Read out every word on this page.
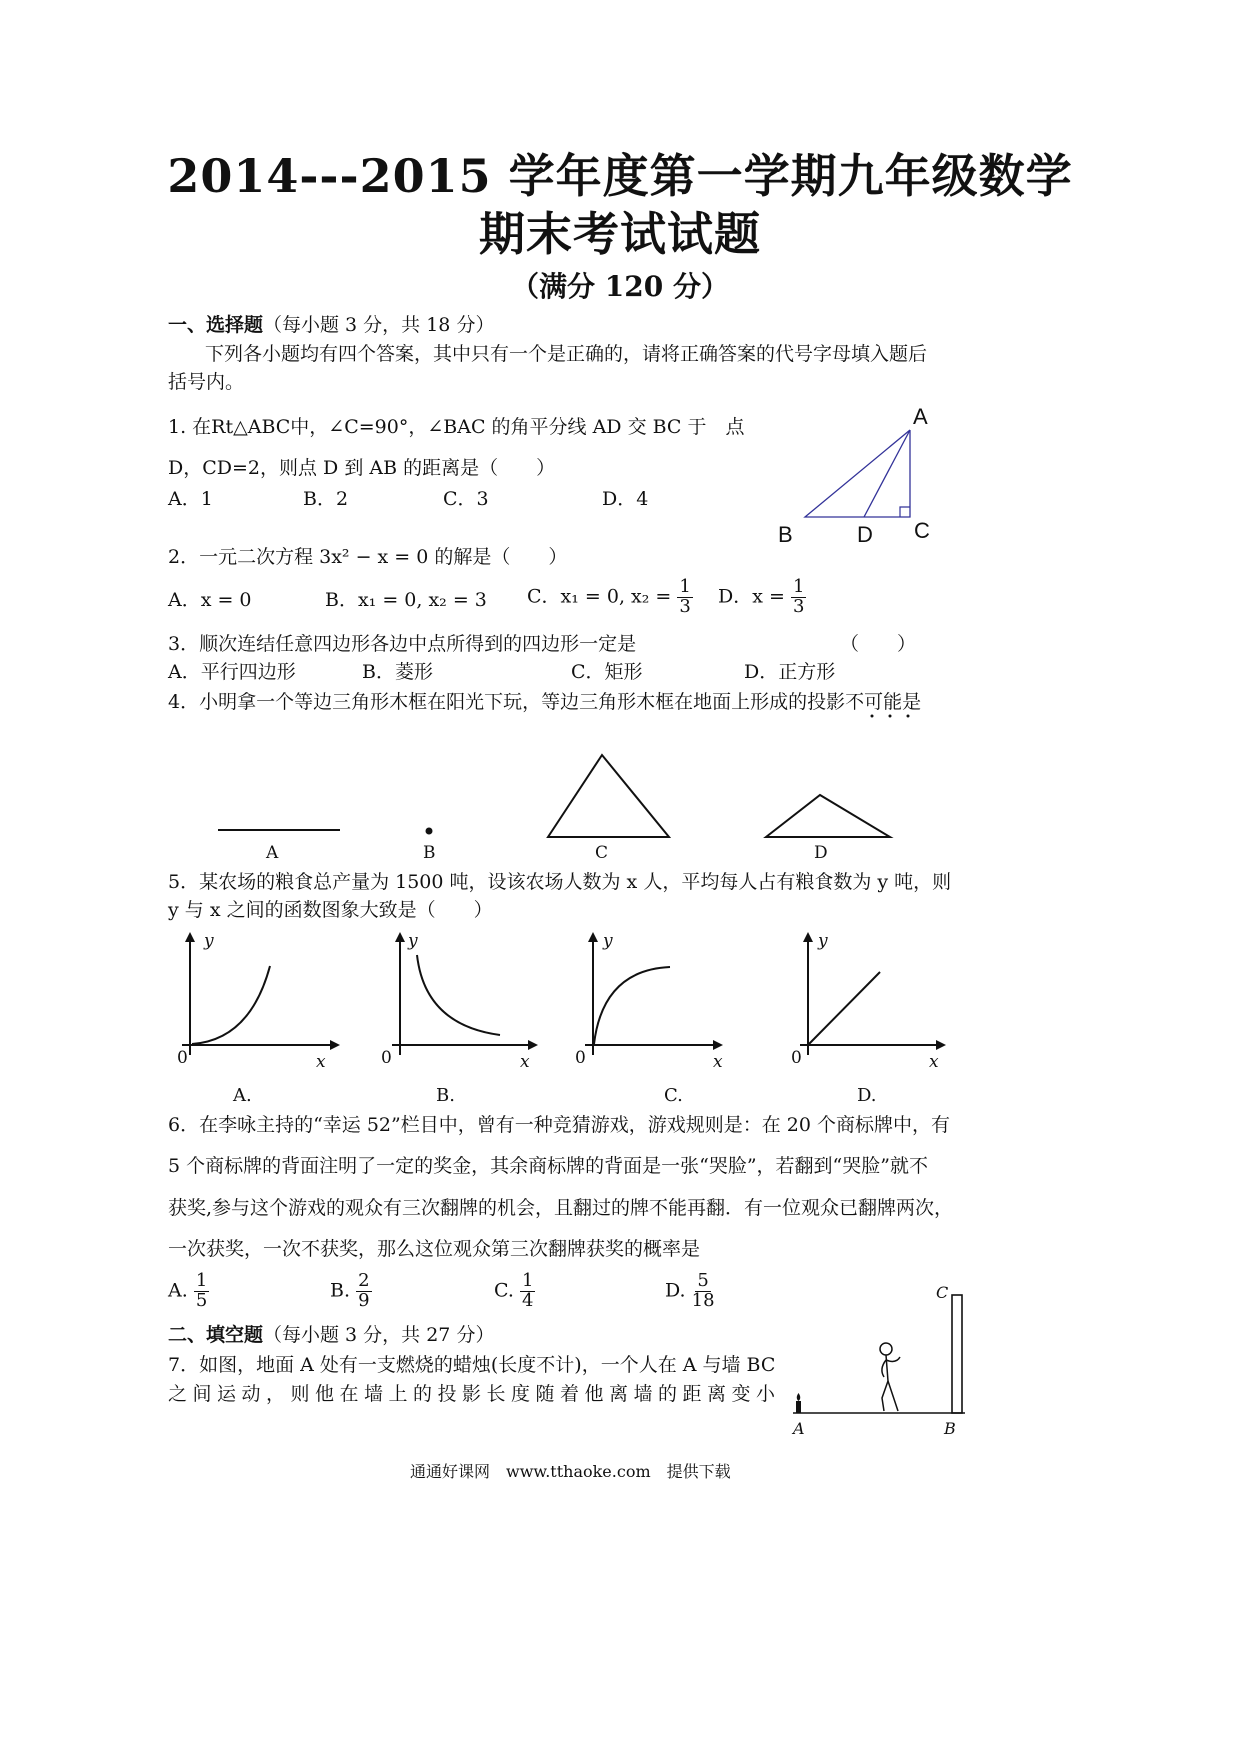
2014---2015 学年度第一学期九年级数学
期末考试试题
（满分 120 分）
一、选择题（每小题 3 分，共 18 分）
下列各小题均有四个答案，其中只有一个是正确的，请将正确答案的代号字母填入题后
括号内。
1. 在Rt△ABC中，∠C=90°，∠BAC 的角平分线 AD 交 BC 于　点
D，CD=2，则点 D 到 AB 的距离是（　　）
A．1	B．2	C．3	D．4
A
B	D C
2．一元二次方程 3x² − x = 0 的解是（　　）
A．x = 0	B．x₁ = 0, x₂ = 3 C．x₁ = 0, $x_2 = \frac{1}{3}$ D．$x = \frac{1}{3}$
3．顺次连结任意四边形各边中点所得到的四边形一定是	（　　）
A．平行四边形	B．菱形	C．矩形	D．正方形
4．小明拿一个等边三角形木框在阳光下玩，等边三角形木框在地面上形成的投影不可能是
A	B	C	D
5．某农场的粮食总产量为 1500 吨，设该农场人数为 x 人，平均每人占有粮食数为 y 吨，则
y 与 x 之间的函数图象大致是（　　）
y
x
0
A.
y
x
0
B.
y
x
0
C.
y
x
0
D.
6．在李咏主持的“幸运 52”栏目中，曾有一种竞猜游戏，游戏规则是：在 20 个商标牌中，有
5 个商标牌的背面注明了一定的奖金，其余商标牌的背面是一张“哭脸”，若翻到“哭脸”就不
获奖,参与这个游戏的观众有三次翻牌的机会，且翻过的牌不能再翻．有一位观众已翻牌两次，
一次获奖，一次不获奖，那么这位观众第三次翻牌获奖的概率是
A. $\frac{1}{5}$	B. $\frac{2}{9}$	C. $\frac{1}{4}$	D. $\frac{5}{18}$
二、填空题（每小题 3 分，共 27 分）
7．如图，地面 A 处有一支燃烧的蜡烛(长度不计)，一个人在 A 与墙 BC
之间运动，则他在墙上的投影长度随着他离墙的距离变小
C
A	B
通通好课网　www.tthaoke.com　提供下载
